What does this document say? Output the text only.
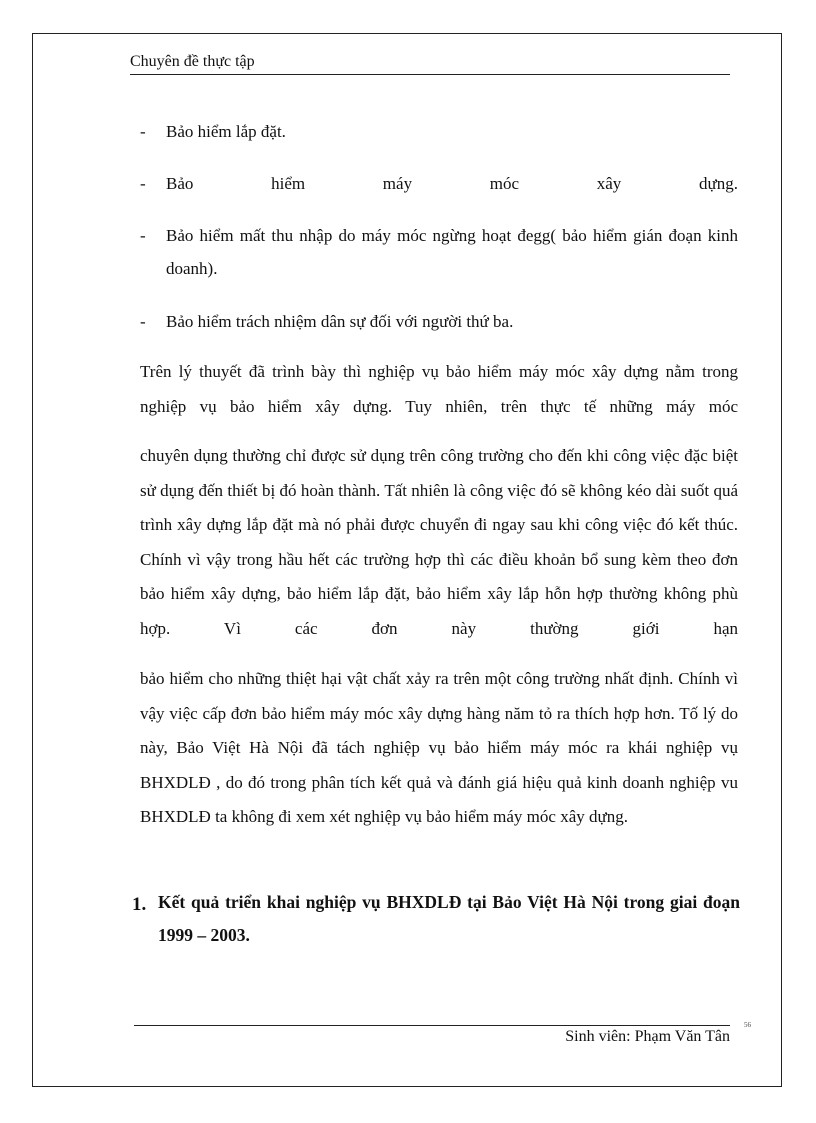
Chuyên đề thực tập
- Bảo hiểm lắp đặt.
- Bảo hiểm máy móc xây dựng.
- Bảo hiểm mất thu nhập do máy móc ngừng hoạt đegg( bảo hiểm gián đoạn kinh doanh).
- Bảo hiểm trách nhiệm dân sự đối với người thứ ba.
Trên lý thuyết đã trình bày thì nghiệp vụ bảo hiểm máy móc xây dựng nằm trong nghiệp vụ bảo hiểm xây dựng. Tuy nhiên, trên thực tế những máy móc
chuyên dụng thường chỉ được sử dụng trên công trường cho đến khi công việc đặc biệt sử dụng đến thiết bị đó hoàn thành. Tất nhiên là công việc đó sẽ không kéo dài suốt quá trình xây dựng lắp đặt mà nó phải được chuyển đi ngay sau khi công việc đó kết thúc. Chính vì vậy trong hầu hết các trường hợp thì các điều khoản bổ sung kèm theo đơn bảo hiểm xây dựng, bảo hiểm lắp đặt, bảo hiểm xây lắp hỗn hợp thường không phù hợp. Vì các đơn này thường giới hạn
bảo hiểm cho những thiệt hại vật chất xảy ra trên một công trường nhất định. Chính vì vậy việc cấp đơn bảo hiểm máy móc xây dựng hàng năm tỏ ra thích hợp hơn. Tố lý do này, Bảo Việt Hà Nội đã tách nghiệp vụ bảo hiểm máy móc ra khái nghiệp vụ BHXDLĐ , do đó trong phân tích kết quả và đánh giá hiệu quả kinh doanh nghiệp vu BHXDLĐ ta không đi xem xét nghiệp vụ bảo hiểm máy móc xây dựng.
1. Kết quả triển khai nghiệp vụ BHXDLĐ tại Bảo Việt Hà Nội trong giai đoạn 1999 – 2003.
56
Sinh viên: Phạm Văn Tân
